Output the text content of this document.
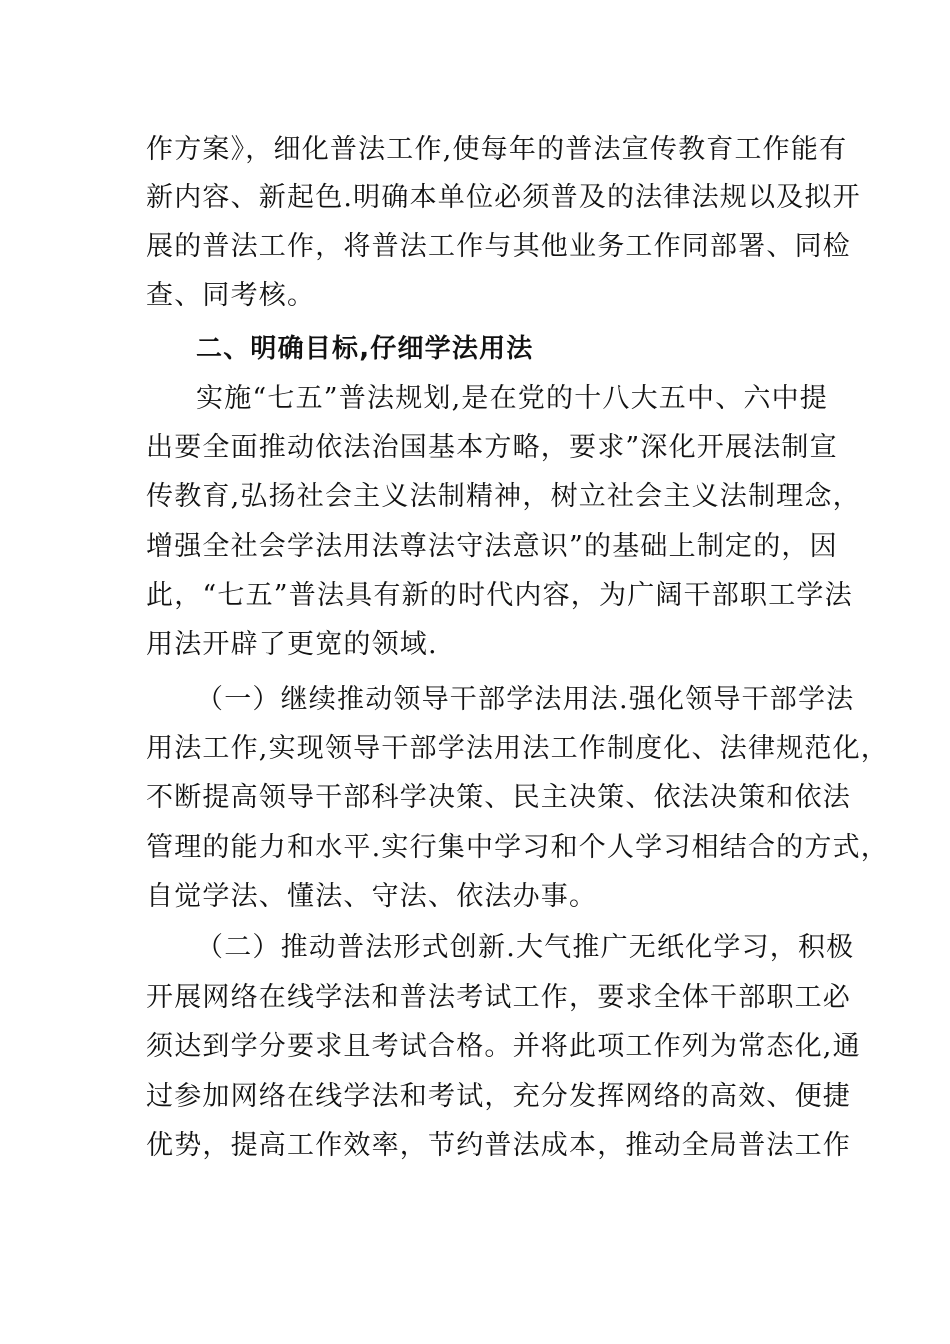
作方案》，细化普法工作,使每年的普法宣传教育工作能有
新内容、新起色.明确本单位必须普及的法律法规以及拟开
展的普法工作，将普法工作与其他业务工作同部署、同检
查、同考核。
二、明确目标,仔细学法用法
实施“七五”普法规划,是在党的十八大五中、六中提
出要全面推动依法治国基本方略，要求”深化开展法制宣
传教育,弘扬社会主义法制精神，树立社会主义法制理念，
增强全社会学法用法尊法守法意识”的基础上制定的，因
此，“七五”普法具有新的时代内容，为广阔干部职工学法
用法开辟了更宽的领域.
（一）继续推动领导干部学法用法.强化领导干部学法
用法工作,实现领导干部学法用法工作制度化、法律规范化，
不断提高领导干部科学决策、民主决策、依法决策和依法
管理的能力和水平.实行集中学习和个人学习相结合的方式，
自觉学法、懂法、守法、依法办事。
（二）推动普法形式创新.大气推广无纸化学习，积极
开展网络在线学法和普法考试工作，要求全体干部职工必
须达到学分要求且考试合格。并将此项工作列为常态化,通
过参加网络在线学法和考试，充分发挥网络的高效、便捷
优势，提高工作效率，节约普法成本，推动全局普法工作
